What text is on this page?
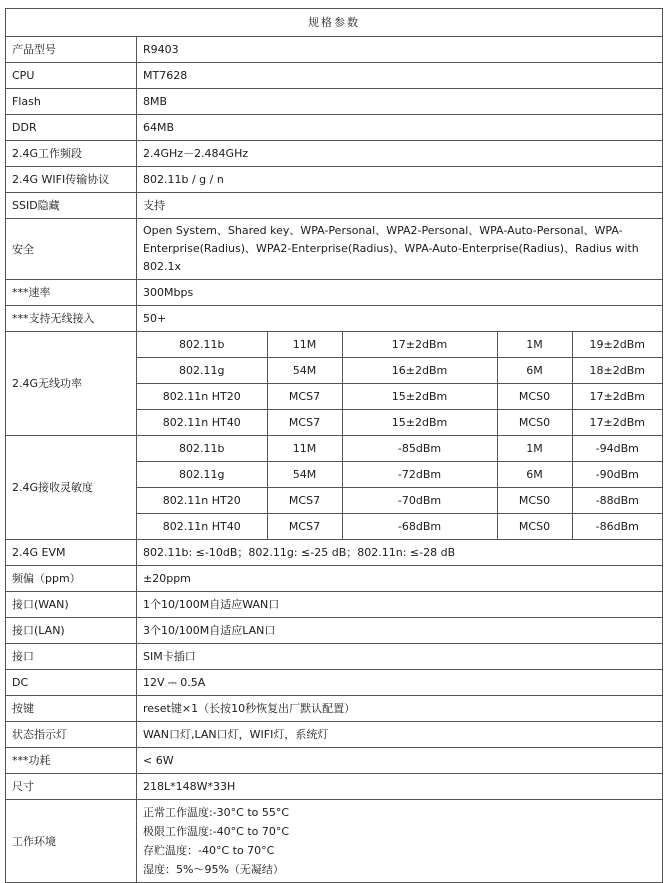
规格参数
产品型号	R9403
CPU	MT7628
Flash	8MB
DDR	64MB
2.4G工作频段	2.4GHz－2.484GHz
2.4G WIFI传输协议	802.11b / g / n
SSID隐藏	支持
安全	Open System、Shared key、WPA-Personal、WPA2-Personal、WPA-Auto-Personal、WPA-Enterprise(Radius)、WPA2-Enterprise(Radius)、WPA-Auto-Enterprise(Radius)、Radius with 802.1x
***速率	300Mbps
***支持无线接入	50+
2.4G无线功率	
802.11b	11M	17±2dBm	1M	19±2dBm
802.11g	54M	16±2dBm	6M	18±2dBm
802.11n HT20	MCS7	15±2dBm	MCS0	17±2dBm
802.11n HT40	MCS7	15±2dBm	MCS0	17±2dBm

2.4G接收灵敏度	
802.11b	11M	-85dBm	1M	-94dBm
802.11g	54M	-72dBm	6M	-90dBm
802.11n HT20	MCS7	-70dBm	MCS0	-88dBm
802.11n HT40	MCS7	-68dBm	MCS0	-86dBm

2.4G EVM	802.11b: ≤-10dB；802.11g: ≤-25 dB；802.11n: ≤-28 dB
频偏（ppm）	±20ppm
接口(WAN)	1个10/100M自适应WAN口
接口(LAN)	3个10/100M自适应LAN口
接口	SIM卡插口
DC	12V ⎓ 0.5A
按键	reset键×1（长按10秒恢复出厂默认配置）
状态指示灯	WAN口灯,LAN口灯，WIFI灯，系统灯
***功耗	< 6W
尺寸	218L*148W*33H
工作环境	
正常工作温度:-30°C to 55°C
极限工作温度:-40°C to 70°C
存贮温度：-40°C to 70°C
湿度：5%～95%（无凝结）
